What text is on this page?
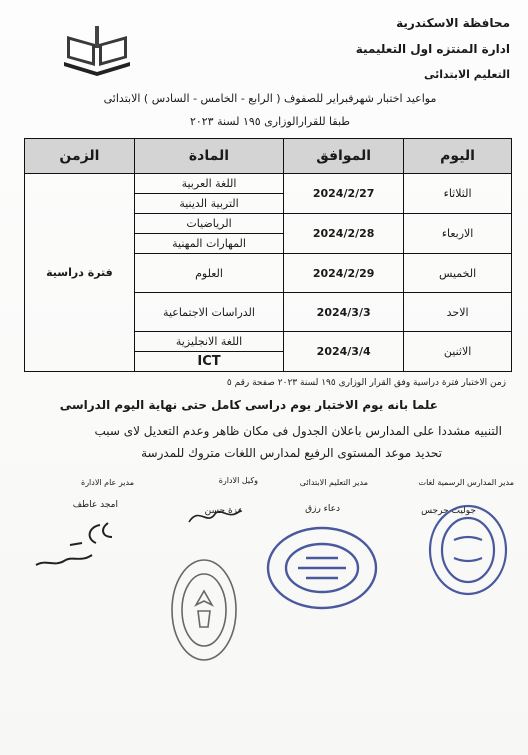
محافظة الاسكندرية
ادارة المنتزه اول التعليمية
التعليم الابتدائى
مواعيد اختبار شهرفبراير للصفوف ( الرابع - الخامس - السادس ) الابتدائى
طبقا للقرارالوزارى ١٩٥ لسنة ٢٠٢٣
اليوم	الموافق	المادة	الزمن
الثلاثاء	2024/2/27	اللغة العربية
التربية الدينية	فترة دراسية
الاربعاء	2024/2/28	الرياضيات
المهارات المهنية	

الخميس	2024/2/29	العلوم	

الاحد	2024/3/3	الدراسات الاجتماعية	

الاثنين	2024/3/4	اللغة الانجليزية
ICT	
زمن الاختبار فترة دراسية وفق القرار الوزارى ١٩٥ لسنة ٢٠٢٣ صفحة رقم ٥
علما بانه يوم الاختبار يوم دراسى كامل حتى نهاية اليوم الدراسى
التنبيه مشددا على المدارس باعلان الجدول فى مكان ظاهر وعدم التعديل لاى سبب
تحديد موعد المستوى الرفيع لمدارس اللغات متروك للمدرسة
مدير المدارس الرسمية لغات
جوليت جرجس
مدير التعليم الابتدائى
دعاء رزق
وكيل الادارة
عزة حسن
مدير عام الادارة
امجد عاطف
